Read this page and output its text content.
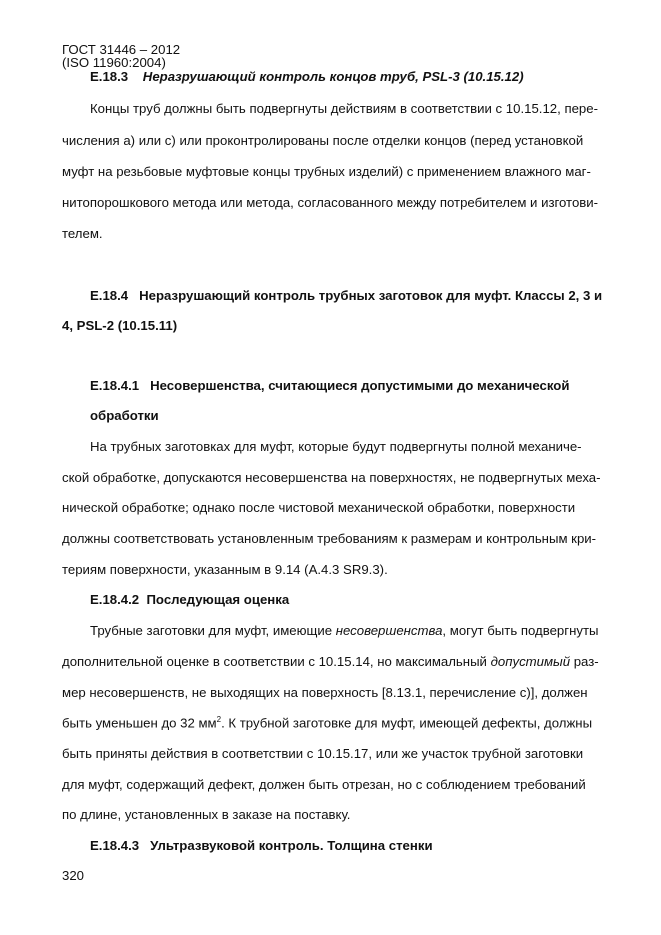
ГОСТ 31446 – 2012
(ISO 11960:2004)
E.18.3 Неразрушающий контроль концов труб, PSL-3 (10.15.12)
Концы труб должны быть подвергнуты действиям в соответствии с 10.15.12, пере-
числения а) или с) или проконтролированы после отделки концов (перед установкой
муфт на резьбовые муфтовые концы трубных изделий) с применением влажного маг-
нитопорошкового метода или метода, согласованного между потребителем и изготови-
телем.
E.18.4 Неразрушающий контроль трубных заготовок для муфт. Классы 2, 3 и
4, PSL-2 (10.15.11)
E.18.4.1 Несовершенства, считающиеся допустимыми до механической
обработки
На трубных заготовках для муфт, которые будут подвергнуты полной механиче-
ской обработке, допускаются несовершенства на поверхностях, не подвергнутых меха-
нической обработке; однако после чистовой механической обработки, поверхности
должны соответствовать установленным требованиям к размерам и контрольным кри-
териям поверхности, указанным в 9.14 (A.4.3 SR9.3).
E.18.4.2 Последующая оценка
Трубные заготовки для муфт, имеющие несовершенства, могут быть подвергнуты
дополнительной оценке в соответствии с 10.15.14, но максимальный допустимый раз-
мер несовершенств, не выходящих на поверхность [8.13.1, перечисление с)], должен
быть уменьшен до 32 $мм^2$. К трубной заготовке для муфт, имеющей дефекты, должны
быть приняты действия в соответствии с 10.15.17, или же участок трубной заготовки
для муфт, содержащий дефект, должен быть отрезан, но с соблюдением требований
по длине, установленных в заказе на поставку.
E.18.4.3 Ультразвуковой контроль. Толщина стенки
320
